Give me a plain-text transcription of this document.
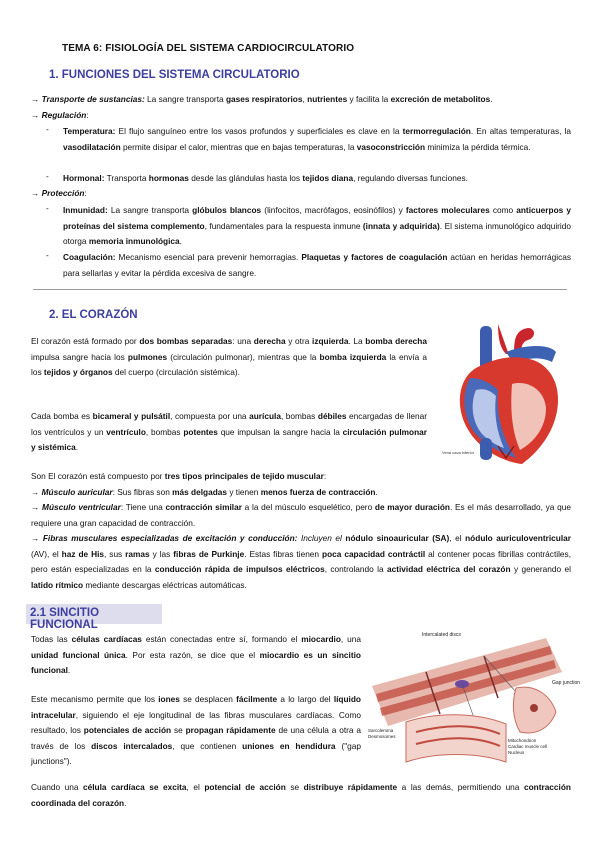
TEMA 6: FISIOLOGÍA DEL SISTEMA CARDIOCIRCULATORIO
1. FUNCIONES DEL SISTEMA CIRCULATORIO
→ Transporte de sustancias: La sangre transporta gases respiratorios, nutrientes y facilita la excreción de metabolitos.
→ Regulación:
- Temperatura: El flujo sanguíneo entre los vasos profundos y superficiales es clave en la termorregulación. En altas temperaturas, la vasodilatación permite disipar el calor, mientras que en bajas temperaturas, la vasoconstricción minimiza la pérdida térmica.
- Hormonal: Transporta hormonas desde las glándulas hasta los tejidos diana, regulando diversas funciones.
→ Protección:
- Inmunidad: La sangre transporta glóbulos blancos (linfocitos, macrófagos, eosinófilos) y factores moleculares como anticuerpos y proteínas del sistema complemento, fundamentales para la respuesta inmune (innata y adquirida). El sistema inmunológico adquirido otorga memoria inmunológica.
- Coagulación: Mecanismo esencial para prevenir hemorragias. Plaquetas y factores de coagulación actúan en heridas hemorrágicas para sellarlas y evitar la pérdida excesiva de sangre.
2. EL CORAZÓN
El corazón está formado por dos bombas separadas: una derecha y otra izquierda. La bomba derecha impulsa sangre hacia los pulmones (circulación pulmonar), mientras que la bomba izquierda la envía a los tejidos y órganos del cuerpo (circulación sistémica).
Cada bomba es bicameral y pulsátil, compuesta por una aurícula, bombas débiles encargadas de llenar los ventrículos y un ventrículo, bombas potentes que impulsan la sangre hacia la circulación pulmonar y sistémica.
Vena cava inferior
Son El corazón está compuesto por tres tipos principales de tejido muscular:
→ Músculo auricular: Sus fibras son más delgadas y tienen menos fuerza de contracción.
→ Músculo ventricular: Tiene una contracción similar a la del músculo esquelético, pero de mayor duración. Es el más desarrollado, ya que requiere una gran capacidad de contracción.
→ Fibras musculares especializadas de excitación y conducción: Incluyen el nódulo sinoauricular (SA), el nódulo auriculoventricular (AV), el haz de His, sus ramas y las fibras de Purkinje. Estas fibras tienen poca capacidad contráctil al contener pocas fibrillas contráctiles, pero están especializadas en la conducción rápida de impulsos eléctricos, controlando la actividad eléctrica del corazón y generando el latido rítmico mediante descargas eléctricas automáticas.
2.1 SINCITIO FUNCIONAL
Todas las células cardíacas están conectadas entre sí, formando el miocardio, una unidad funcional única. Por esta razón, se dice que el miocardio es un sincitio funcional.
Este mecanismo permite que los iones se desplacen fácilmente a lo largo del líquido intracelular, siguiendo el eje longitudinal de las fibras musculares cardíacas. Como resultado, los potenciales de acción se propagan rápidamente de una célula a otra a través de los discos intercalados, que contienen uniones en hendidura ("gap junctions").
Intercalated discs
Gap junction
Mitochondrion
Cardiac muscle cell
Nucleus
Sarcolemma
Desmosomes
Cuando una célula cardíaca se excita, el potencial de acción se distribuye rápidamente a las demás, permitiendo una contracción coordinada del corazón.
